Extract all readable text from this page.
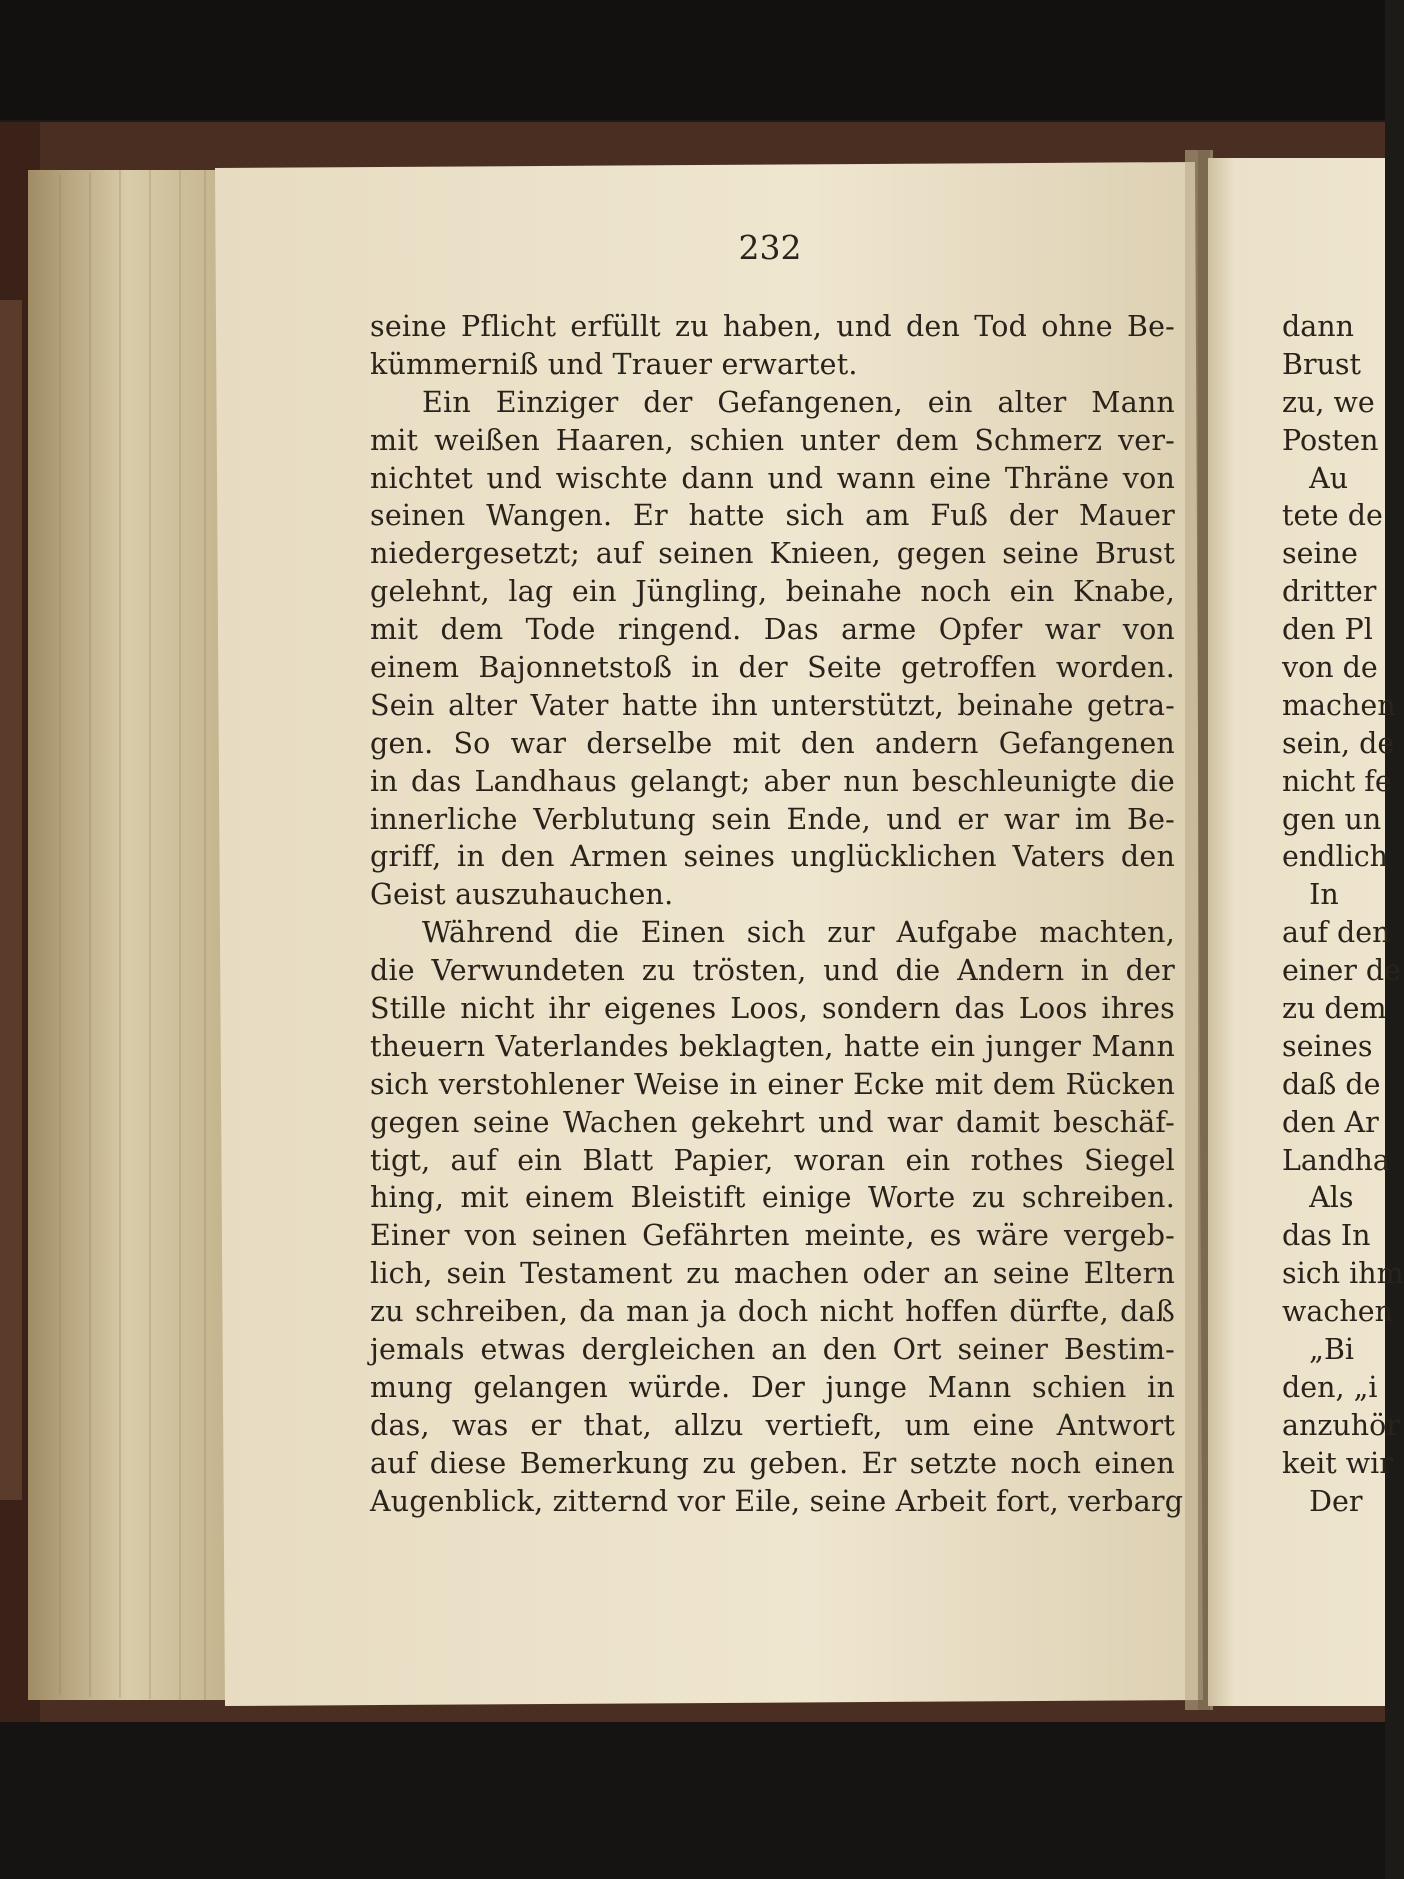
232
seine Pflicht erfüllt zu haben, und den Tod ohne Be-
kümmerniß und Trauer erwartet.
Ein Einziger der Gefangenen, ein alter Mann
mit weißen Haaren, schien unter dem Schmerz ver-
nichtet und wischte dann und wann eine Thräne von
seinen Wangen. Er hatte sich am Fuß der Mauer
niedergesetzt; auf seinen Knieen, gegen seine Brust
gelehnt, lag ein Jüngling, beinahe noch ein Knabe,
mit dem Tode ringend. Das arme Opfer war von
einem Bajonnetstoß in der Seite getroffen worden.
Sein alter Vater hatte ihn unterstützt, beinahe getra-
gen. So war derselbe mit den andern Gefangenen
in das Landhaus gelangt; aber nun beschleunigte die
innerliche Verblutung sein Ende, und er war im Be-
griff, in den Armen seines unglücklichen Vaters den
Geist auszuhauchen.
Während die Einen sich zur Aufgabe machten,
die Verwundeten zu trösten, und die Andern in der
Stille nicht ihr eigenes Loos, sondern das Loos ihres
theuern Vaterlandes beklagten, hatte ein junger Mann
sich verstohlener Weise in einer Ecke mit dem Rücken
gegen seine Wachen gekehrt und war damit beschäf-
tigt, auf ein Blatt Papier, woran ein rothes Siegel
hing, mit einem Bleistift einige Worte zu schreiben.
Einer von seinen Gefährten meinte, es wäre vergeb-
lich, sein Testament zu machen oder an seine Eltern
zu schreiben, da man ja doch nicht hoffen dürfte, daß
jemals etwas dergleichen an den Ort seiner Bestim-
mung gelangen würde. Der junge Mann schien in
das, was er that, allzu vertieft, um eine Antwort
auf diese Bemerkung zu geben. Er setzte noch einen
Augenblick, zitternd vor Eile, seine Arbeit fort, verbarg
dann
Brust
zu, we
Posten
Au
tete de
seine
dritter
den Pl
von de
machen
sein, de
nicht fe
gen un
endlich
In
auf den
einer de
zu dem
seines
daß de
den Ar
Landha
Als
das In
sich ihm
wachen
„Bi
den, „i
anzuhör
keit wir
Der
